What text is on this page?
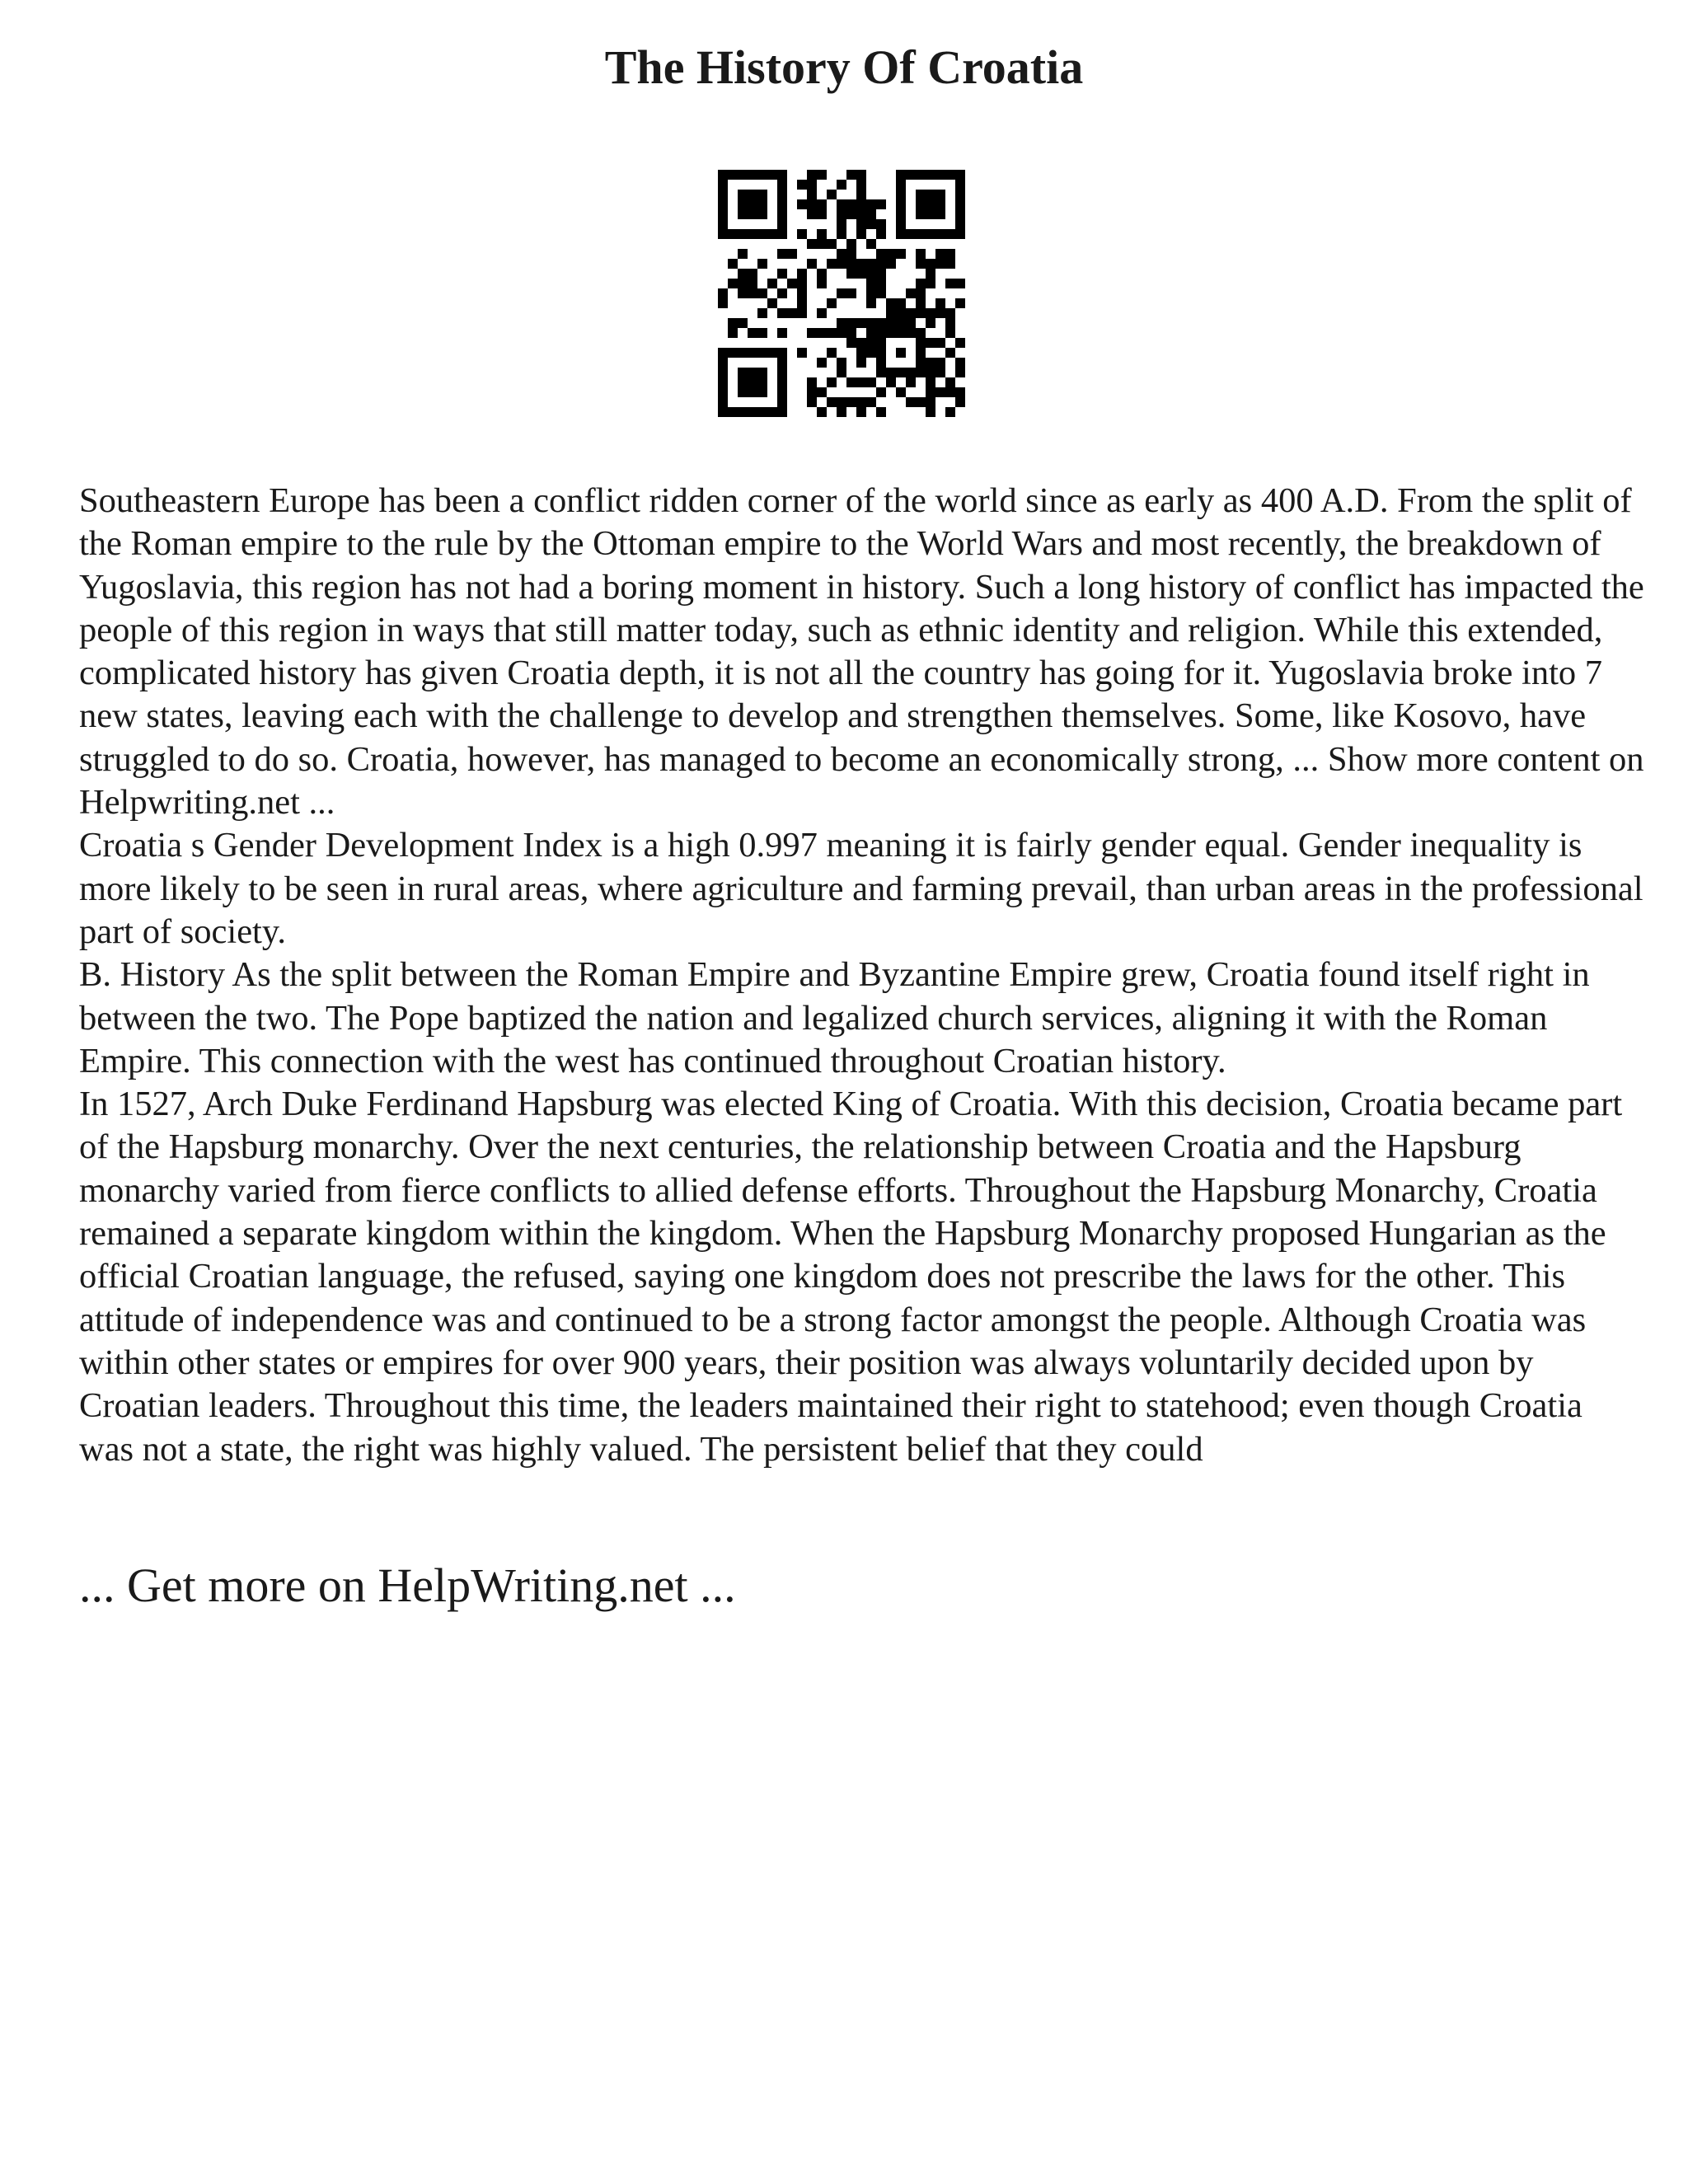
The History Of Croatia

Southeastern Europe has been a conflict ridden corner of the world since as early as 400 A.D. From the split of the Roman empire to the rule by the Ottoman empire to the World Wars and most recently, the breakdown of Yugoslavia, this region has not had a boring moment in history. Such a long history of conflict has impacted the people of this region in ways that still matter today, such as ethnic identity and religion. While this extended, complicated history has given Croatia depth, it is not all the country has going for it. Yugoslavia broke into 7 new states, leaving each with the challenge to develop and strengthen themselves. Some, like Kosovo, have struggled to do so. Croatia, however, has managed to become an economically strong, ... Show more content on Helpwriting.net ...

Croatia s Gender Development Index is a high 0.997 meaning it is fairly gender equal. Gender inequality is more likely to be seen in rural areas, where agriculture and farming prevail, than urban areas in the professional part of society.

B. History As the split between the Roman Empire and Byzantine Empire grew, Croatia found itself right in between the two. The Pope baptized the nation and legalized church services, aligning it with the Roman Empire. This connection with the west has continued throughout Croatian history.

In 1527, Arch Duke Ferdinand Hapsburg was elected King of Croatia. With this decision, Croatia became part of the Hapsburg monarchy. Over the next centuries, the relationship between Croatia and the Hapsburg monarchy varied from fierce conflicts to allied defense efforts. Throughout the Hapsburg Monarchy, Croatia remained a separate kingdom within the kingdom. When the Hapsburg Monarchy proposed Hungarian as the official Croatian language, the refused, saying one kingdom does not prescribe the laws for the other. This attitude of independence was and continued to be a strong factor amongst the people. Although Croatia was within other states or empires for over 900 years, their position was always voluntarily decided upon by Croatian leaders. Throughout this time, the leaders maintained their right to statehood; even though Croatia was not a state, the right was highly valued. The persistent belief that they could

... Get more on HelpWriting.net ...
